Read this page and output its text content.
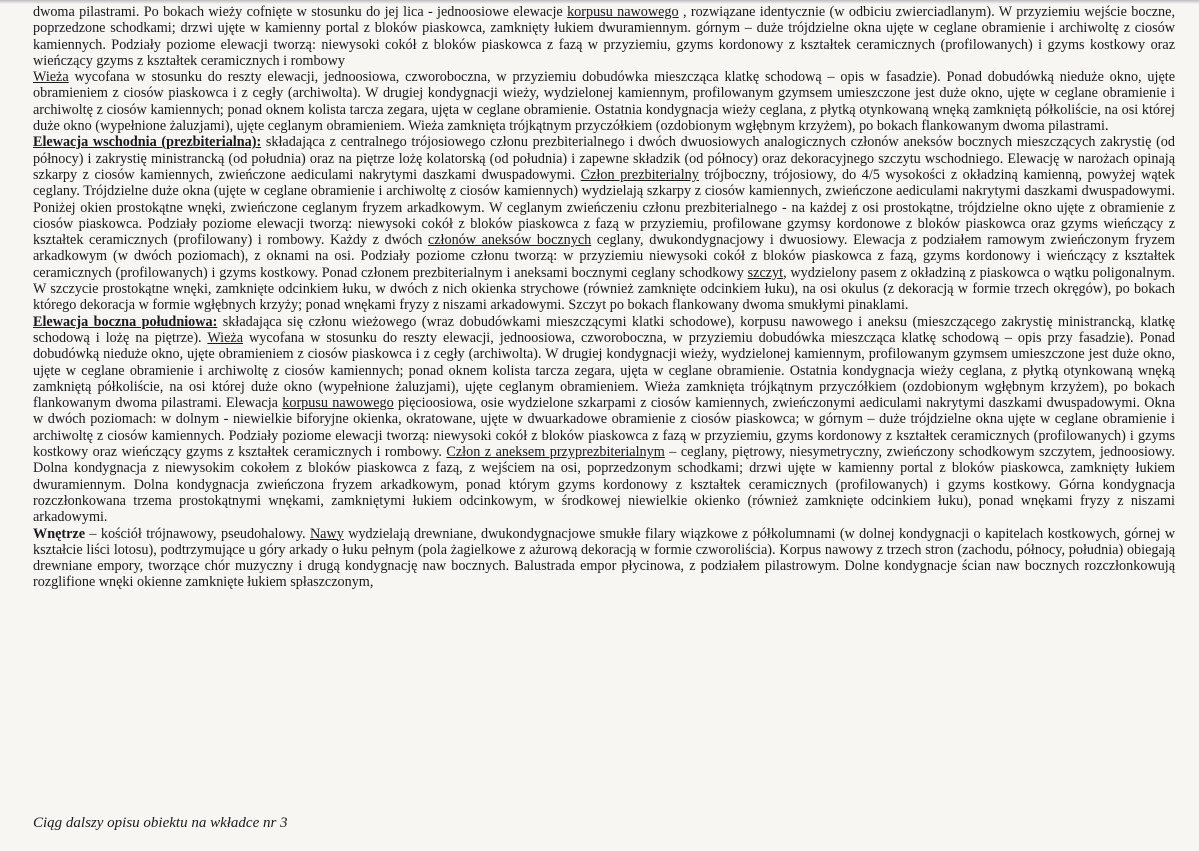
dwoma pilastrami. Po bokach wieży cofnięte w stosunku do jej lica - jednoosiowe elewacje korpusu nawowego , rozwiązane identycznie (w odbiciu zwierciadlanym). W przyziemiu wejście boczne, poprzedzone schodkami; drzwi ujęte w kamienny portal z bloków piaskowca, zamknięty łukiem dwuramiennym. górnym – duże trójdzielne okna ujęte w ceglane obramienie i archiwoltę z ciosów kamiennych. Podziały poziome elewacji tworzą: niewysoki cokół z bloków piaskowca z fazą w przyziemiu, gzyms kordonowy z kształtek ceramicznych (profilowanych) i gzyms kostkowy oraz wieńczący gzyms z kształtek ceramicznych i rombowy

Wieża wycofana w stosunku do reszty elewacji, jednoosiowa, czworoboczna, w przyziemiu dobudówka mieszcząca klatkę schodową – opis w fasadzie). Ponad dobudówką nieduże okno, ujęte obramieniem z ciosów piaskowca i z cegły (archiwolta). W drugiej kondygnacji wieży, wydzielonej kamiennym, profilowanym gzymsem umieszczone jest duże okno, ujęte w ceglane obramienie i archiwoltę z ciosów kamiennych; ponad oknem kolista tarcza zegara, ujęta w ceglane obramienie. Ostatnia kondygnacja wieży ceglana, z płytką otynkowaną wnęką zamkniętą półkoliście, na osi której duże okno (wypełnione żaluzjami), ujęte ceglanym obramieniem. Wieża zamknięta trójkątnym przyczółkiem (ozdobionym wgłębnym krzyżem), po bokach flankowanym dwoma pilastrami.

Elewacja wschodnia (prezbiterialna): składająca z centralnego trójosiowego członu prezbiterialnego i dwóch dwuosiowych analogicznych członów aneksów bocznych mieszczących zakrystię (od północy) i zakrystię ministrancką (od południa) oraz na piętrze lożę kolatorską (od południa) i zapewne składzik (od północy) oraz dekoracyjnego szczytu wschodniego. Elewację w narożach opinają szkarpy z ciosów kamiennych, zwieńczone aediculami nakrytymi daszkami dwuspadowymi. Człon prezbiterialny trójboczny, trójosiowy, do 4/5 wysokości z okładziną kamienną, powyżej wątek ceglany. Trójdzielne duże okna (ujęte w ceglane obramienie i archiwoltę z ciosów kamiennych) wydzielają szkarpy z ciosów kamiennych, zwieńczone aediculami nakrytymi daszkami dwuspadowymi. Poniżej okien prostokątne wnęki, zwieńczone ceglanym fryzem arkadkowym. W ceglanym zwieńczeniu członu prezbiterialnego - na każdej z osi prostokątne, trójdzielne okno ujęte z obramienie z ciosów piaskowca. Podziały poziome elewacji tworzą: niewysoki cokół z bloków piaskowca z fazą w przyziemiu, profilowane gzymsy kordonowe z bloków piaskowca oraz gzyms wieńczący z kształtek ceramicznych (profilowany) i rombowy. Każdy z dwóch członów aneksów bocznych ceglany, dwukondygnacjowy i dwuosiowy. Elewacja z podziałem ramowym zwieńczonym fryzem arkadkowym (w dwóch poziomach), z oknami na osi. Podziały poziome członu tworzą: w przyziemiu niewysoki cokół z bloków piaskowca z fazą, gzyms kordonowy i wieńczący z kształtek ceramicznych (profilowanych) i gzyms kostkowy. Ponad członem prezbiterialnym i aneksami bocznymi ceglany schodkowy szczyt, wydzielony pasem z okładziną z piaskowca o wątku poligonalnym. W szczycie prostokątne wnęki, zamknięte odcinkiem łuku, w dwóch z nich okienka strychowe (również zamknięte odcinkiem łuku), na osi okulus (z dekoracją w formie trzech okręgów), po bokach którego dekoracja w formie wgłębnych krzyży; ponad wnękami fryzy z niszami arkadowymi. Szczyt po bokach flankowany dwoma smukłymi pinaklami.

Elewacja boczna południowa: składająca się członu wieżowego (wraz dobudówkami mieszczącymi klatki schodowe), korpusu nawowego i aneksu (mieszczącego zakrystię ministrancką, klatkę schodową i lożę na piętrze). Wieża wycofana w stosunku do reszty elewacji, jednoosiowa, czworoboczna, w przyziemiu dobudówka mieszcząca klatkę schodową – opis przy fasadzie). Ponad dobudówką nieduże okno, ujęte obramieniem z ciosów piaskowca i z cegły (archiwolta). W drugiej kondygnacji wieży, wydzielonej kamiennym, profilowanym gzymsem umieszczone jest duże okno, ujęte w ceglane obramienie i archiwoltę z ciosów kamiennych; ponad oknem kolista tarcza zegara, ujęta w ceglane obramienie. Ostatnia kondygnacja wieży ceglana, z płytką otynkowaną wnęką zamkniętą półkoliście, na osi której duże okno (wypełnione żaluzjami), ujęte ceglanym obramieniem. Wieża zamknięta trójkątnym przyczółkiem (ozdobionym wgłębnym krzyżem), po bokach flankowanym dwoma pilastrami. Elewacja korpusu nawowego pięcioosiowa, osie wydzielone szkarpami z ciosów kamiennych, zwieńczonymi aediculami nakrytymi daszkami dwuspadowymi. Okna w dwóch poziomach: w dolnym - niewielkie biforyjne okienka, okratowane, ujęte w dwuarkadowe obramienie z ciosów piaskowca; w górnym – duże trójdzielne okna ujęte w ceglane obramienie i archiwoltę z ciosów kamiennych. Podziały poziome elewacji tworzą: niewysoki cokół z bloków piaskowca z fazą w przyziemiu, gzyms kordonowy z kształtek ceramicznych (profilowanych) i gzyms kostkowy oraz wieńczący gzyms z kształtek ceramicznych i rombowy. Człon z aneksem przyprezbiterialnym – ceglany, piętrowy, niesymetryczny, zwieńczony schodkowym szczytem, jednoosiowy. Dolna kondygnacja z niewysokim cokołem z bloków piaskowca z fazą, z wejściem na osi, poprzedzonym schodkami; drzwi ujęte w kamienny portal z bloków piaskowca, zamknięty łukiem dwuramiennym. Dolna kondygnacja zwieńczona fryzem arkadkowym, ponad którym gzyms kordonowy z kształtek ceramicznych (profilowanych) i gzyms kostkowy. Górna kondygnacja rozczłonkowana trzema prostokątnymi wnękami, zamkniętymi łukiem odcinkowym, w środkowej niewielkie okienko (również zamknięte odcinkiem łuku), ponad wnękami fryzy z niszami arkadowymi.

Wnętrze – kościół trójnawowy, pseudohalowy. Nawy wydzielają drewniane, dwukondygnacjowe smukłe filary wiązkowe z półkolumnami (w dolnej kondygnacji o kapitelach kostkowych, górnej w kształcie liści lotosu), podtrzymujące u góry arkady o łuku pełnym (pola żagielkowe z ażurową dekoracją w formie czworoliścia). Korpus nawowy z trzech stron (zachodu, północy, południa) obiegają drewniane empory, tworzące chór muzyczny i drugą kondygnację naw bocznych. Balustrada empor płycinowa, z podziałem pilastrowym. Dolne kondygnacje ścian naw bocznych rozczłonkowują rozglifione wnęki okienne zamknięte łukiem spłaszczonym,

Ciąg dalszy opisu obiektu na wkładce nr 3
